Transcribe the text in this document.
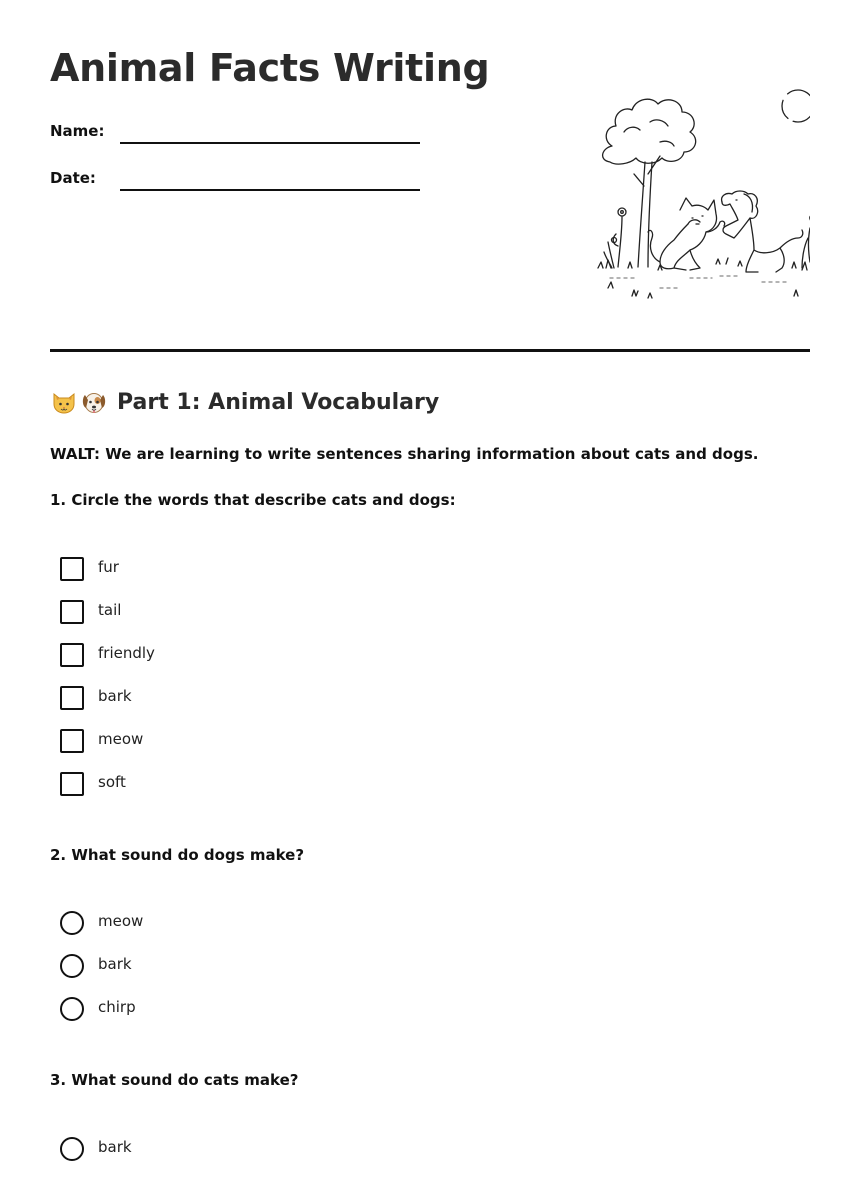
Animal Facts Writing
Name:
Date:
Part 1: Animal Vocabulary
WALT: We are learning to write sentences sharing information about cats and dogs.
1. Circle the words that describe cats and dogs:
fur
tail
friendly
bark
meow
soft
2. What sound do dogs make?
meow
bark
chirp
3. What sound do cats make?
bark
